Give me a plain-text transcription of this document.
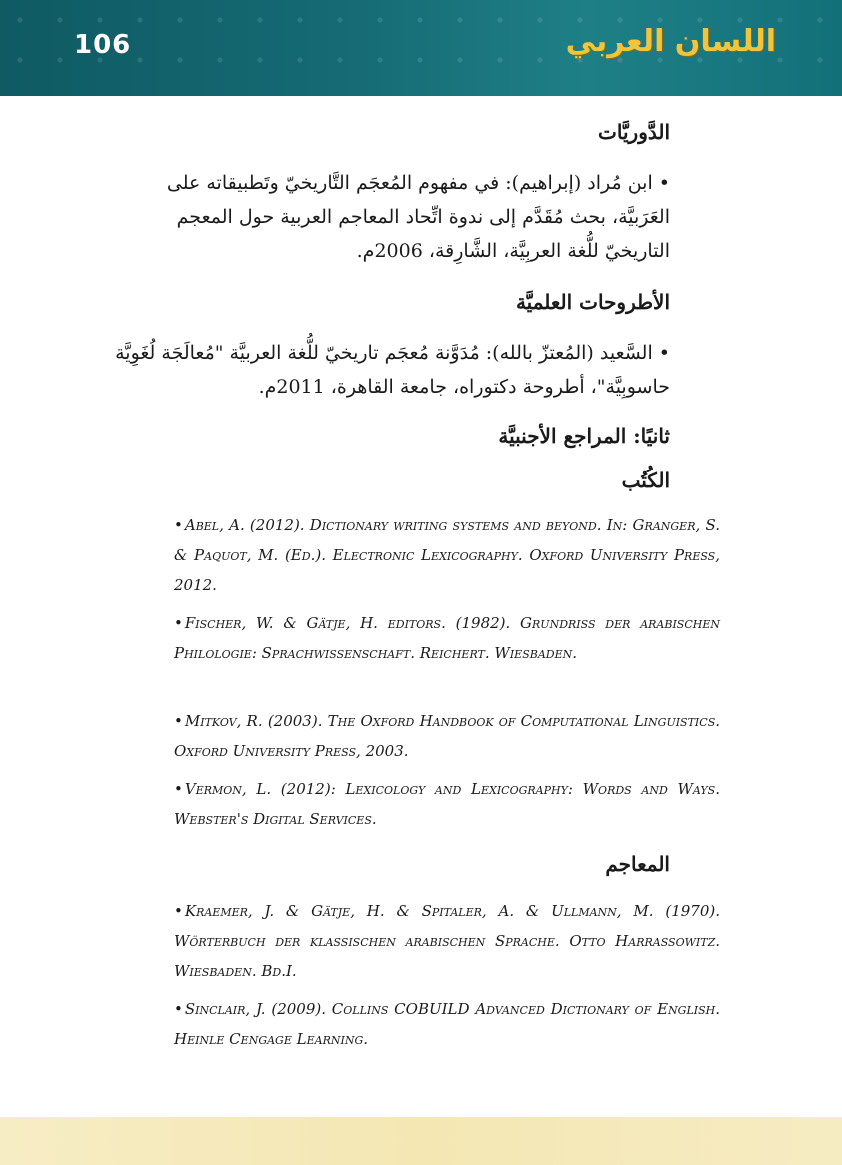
106	اللسان العربي
الدَّوريَّات
• ابن مُراد (إبراهيم): في مفهوم المُعجَم التَّاريخيّ وتَطبيقاته على العَرَبيَّة، بحث مُقَدَّم إلى ندوة اتِّحاد المعاجم العربية حول المعجم التاريخيّ للُّغة العربِيَّة، الشَّارِقة، 2006م.
الأطروحات العلميَّة
• السَّعيد (المُعتزّ بالله): مُدَوَّنة مُعجَم تاريخيّ للُّغة العربيَّة "مُعالَجَة لُغَوِيَّة حاسوبِيَّة"، أطروحة دكتوراه، جامعة القاهرة، 2011م.
ثانيًا: المراجع الأجنبيَّة
الكُتُب
• Abel, A. (2012). Dictionary writing systems and beyond. In: Granger, S. & Paquot, M. (Ed.). Electronic Lexicography. Oxford University Press, 2012.
• Fischer, W. & Gätje, H. editors. (1982). Grundriss der arabischen Philologie: Sprachwissenschaft. Reichert. Wiesbaden.
• Mitkov, R. (2003). The Oxford Handbook of Computational Linguistics. Oxford University Press, 2003.
• Vermon, L. (2012): Lexicology and Lexicography: Words and Ways. Webster's Digital Services.
المعاجم
• Kraemer, J. & Gätje, H. & Spitaler, A. & Ullmann, M. (1970). Wörterbuch der klassischen arabischen Sprache. Otto Harrassowitz. Wiesbaden. Bd.I.
• Sinclair, J. (2009). Collins COBUILD Advanced Dictionary of English. Heinle Cengage Learning.
